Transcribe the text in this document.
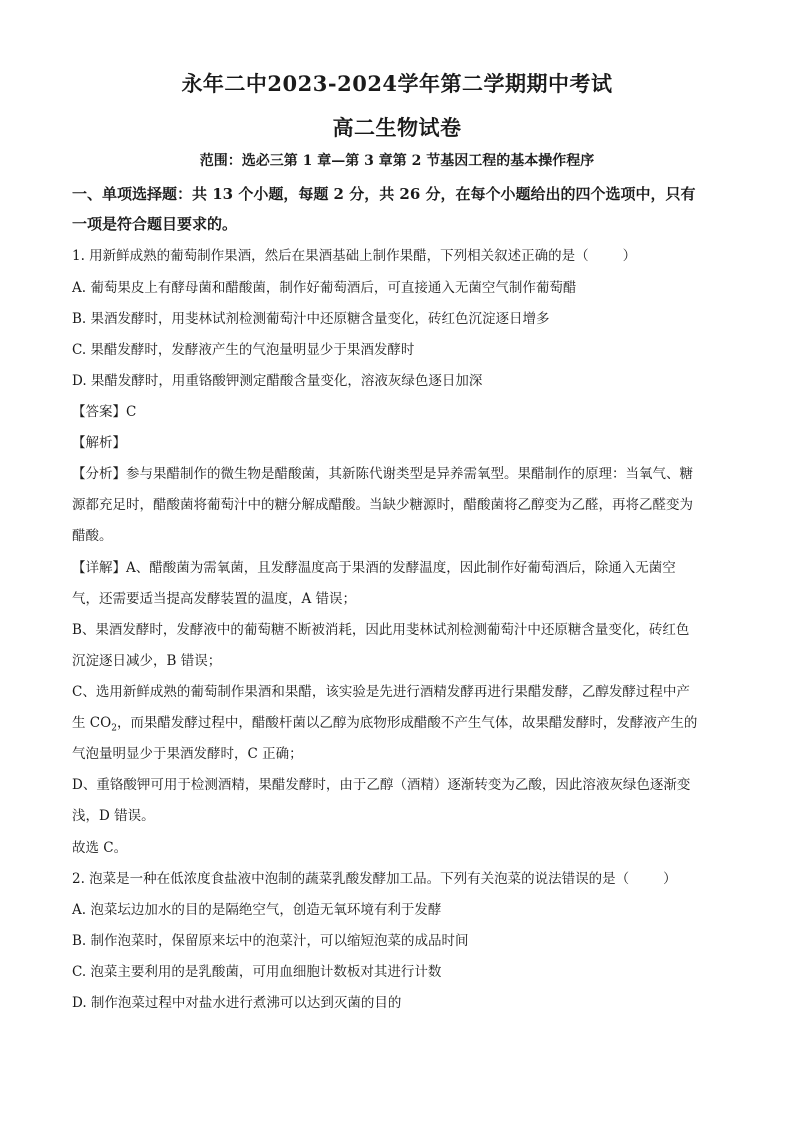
永年二中2023-2024学年第二学期期中考试
高二生物试卷
范围：选必三第 1 章—第 3 章第 2 节基因工程的基本操作程序
一、单项选择题：共 13 个小题，每题 2 分，共 26 分，在每个小题给出的四个选项中，只有
一项是符合题目要求的。
1. 用新鲜成熟的葡萄制作果酒，然后在果酒基础上制作果醋，下列相关叙述正确的是（	）
A. 葡萄果皮上有酵母菌和醋酸菌，制作好葡萄酒后，可直接通入无菌空气制作葡萄醋
B. 果酒发酵时，用斐林试剂检测葡萄汁中还原糖含量变化，砖红色沉淀逐日增多
C. 果醋发酵时，发酵液产生的气泡量明显少于果酒发酵时
D. 果醋发酵时，用重铬酸钾测定醋酸含量变化，溶液灰绿色逐日加深
【答案】C
【解析】
【分析】参与果醋制作的微生物是醋酸菌，其新陈代谢类型是异养需氧型。果醋制作的原理：当氧气、糖
源都充足时，醋酸菌将葡萄汁中的糖分解成醋酸。当缺少糖源时，醋酸菌将乙醇变为乙醛，再将乙醛变为
醋酸。
【详解】A、醋酸菌为需氧菌，且发酵温度高于果酒的发酵温度，因此制作好葡萄酒后，除通入无菌空
气，还需要适当提高发酵装置的温度，A 错误；
B、果酒发酵时，发酵液中的葡萄糖不断被消耗，因此用斐林试剂检测葡萄汁中还原糖含量变化，砖红色
沉淀逐日减少，B 错误；
C、选用新鲜成熟的葡萄制作果酒和果醋，该实验是先进行酒精发酵再进行果醋发酵，乙醇发酵过程中产
生 $CO_2$，而果醋发酵过程中，醋酸杆菌以乙醇为底物形成醋酸不产生气体，故果醋发酵时，发酵液产生的
气泡量明显少于果酒发酵时，C 正确；
D、重铬酸钾可用于检测酒精，果醋发酵时，由于乙醇（酒精）逐渐转变为乙酸，因此溶液灰绿色逐渐变
浅，D 错误。
故选 C。
2. 泡菜是一种在低浓度食盐液中泡制的蔬菜乳酸发酵加工品。下列有关泡菜的说法错误的是（	）
A. 泡菜坛边加水的目的是隔绝空气，创造无氧环境有利于发酵
B. 制作泡菜时，保留原来坛中的泡菜汁，可以缩短泡菜的成品时间
C. 泡菜主要利用的是乳酸菌，可用血细胞计数板对其进行计数
D. 制作泡菜过程中对盐水进行煮沸可以达到灭菌的目的
